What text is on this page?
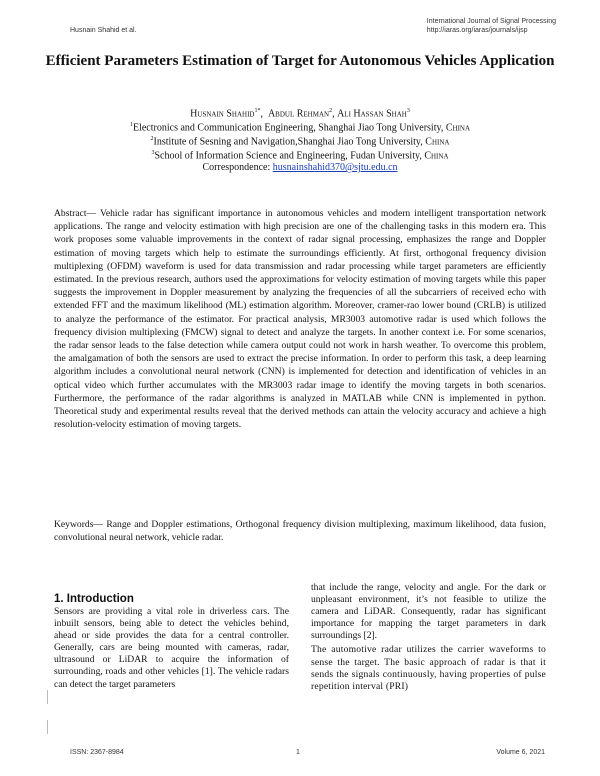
Husnain Shahid et al.
International Journal of Signal Processing
http://iaras.org/iaras/journals/ijsp
Efficient Parameters Estimation of Target for Autonomous Vehicles Application
Husnain Shahid$^{1*}$,  Abdul Rehman$^2$, Ali Hassan Shah$^3$
$^1$Electronics and Communication Engineering, Shanghai Jiao Tong University, China
$^2$Institute of Sesning and Navigation,Shanghai Jiao Tong University, China
$^3$School of Information Science and Engineering, Fudan University, China
Correspondence: husnainshahid370@sjtu.edu.cn

Abstract— Vehicle radar has significant importance in autonomous vehicles and modern intelligent transportation network applications. The range and velocity estimation with high precision are one of the challenging tasks in this modern era. This work proposes some valuable improvements in the context of radar signal processing, emphasizes the range and Doppler estimation of moving targets which help to estimate the surroundings efficiently. At first, orthogonal frequency division multiplexing (OFDM) waveform is used for data transmission and radar processing while target parameters are efficiently estimated. In the previous research, authors used the approximations for velocity estimation of moving targets while this paper suggests the improvement in Doppler measurement by analyzing the frequencies of all the subcarriers of received echo with extended FFT and the maximum likelihood (ML) estimation algorithm. Moreover, cramer-rao lower bound (CRLB) is utilized to analyze the performance of the estimator. For practical analysis, MR3003 automotive radar is used which follows the frequency division multiplexing (FMCW) signal to detect and analyze the targets. In another context i.e. For some scenarios, the radar sensor leads to the false detection while camera output could not work in harsh weather. To overcome this problem, the amalgamation of both the sensors are used to extract the precise information. In order to perform this task, a deep learning algorithm includes a convolutional neural network (CNN) is implemented for detection and identification of vehicles in an optical video which further accumulates with the MR3003 radar image to identify the moving targets in both scenarios. Furthermore, the performance of the radar algorithms is analyzed in MATLAB while CNN is implemented in python. Theoretical study and experimental results reveal that the derived methods can attain the velocity accuracy and achieve a high resolution-velocity estimation of moving targets.

Keywords— Range and Doppler estimations, Orthogonal frequency division multiplexing, maximum likelihood, data fusion, convolutional neural network, vehicle radar.

1. Introduction

Sensors are providing a vital role in driverless cars. The inbuilt sensors, being able to detect the vehicles behind, ahead or side provides the data for a central controller. Generally, cars are being mounted with cameras, radar, ultrasound or LiDAR to acquire the information of surrounding, roads and other vehicles [1]. The vehicle radars can detect the target parameters

that include the range, velocity and angle. For the dark or unpleasant environment, it’s not feasible to utilize the camera and LiDAR. Consequently, radar has significant importance for mapping the target parameters in dark surroundings [2].

The automotive radar utilizes the carrier waveforms to sense the target. The basic approach of radar is that it sends the signals continuously, having properties of pulse repetition interval (PRI)

ISSN: 2367-8984	1	Volume 6, 2021
